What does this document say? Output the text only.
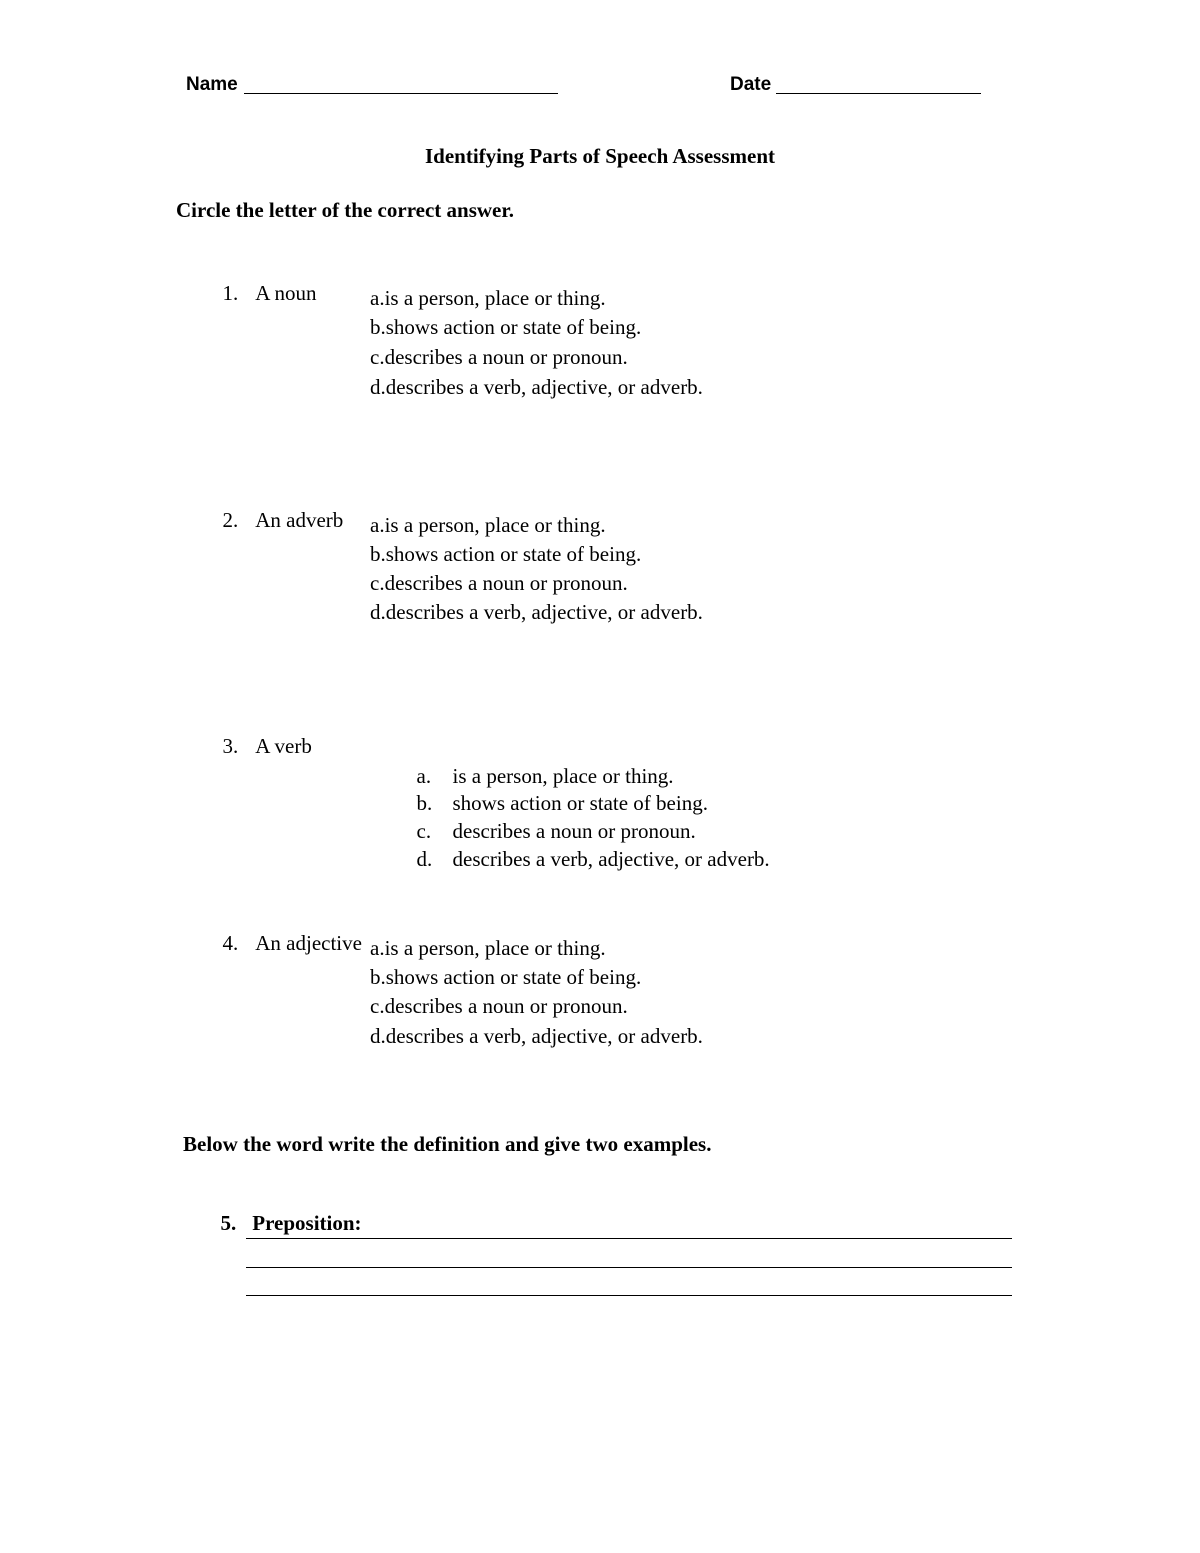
Name	Date
Identifying Parts of Speech Assessment
Circle the letter of the correct answer.

1. A noun	a.is a person, place or thing.
b.shows action or state of being.
c.describes a noun or pronoun.
d.describes a verb, adjective, or adverb.

2. An adverb a.is a person, place or thing.
b.shows action or state of being.
c.describes a noun or pronoun.
d.describes a verb, adjective, or adverb.

3. A verb

a. is a person, place or thing.

b. shows action or state of being.

c. describes a noun or pronoun.

d. describes a verb, adjective, or adverb.

4. An adjective a.is a person, place or thing.
b.shows action or state of being.
c.describes a noun or pronoun.
d.describes a verb, adjective, or adverb.
Below the word write the definition and give two examples.

5. Preposition:
